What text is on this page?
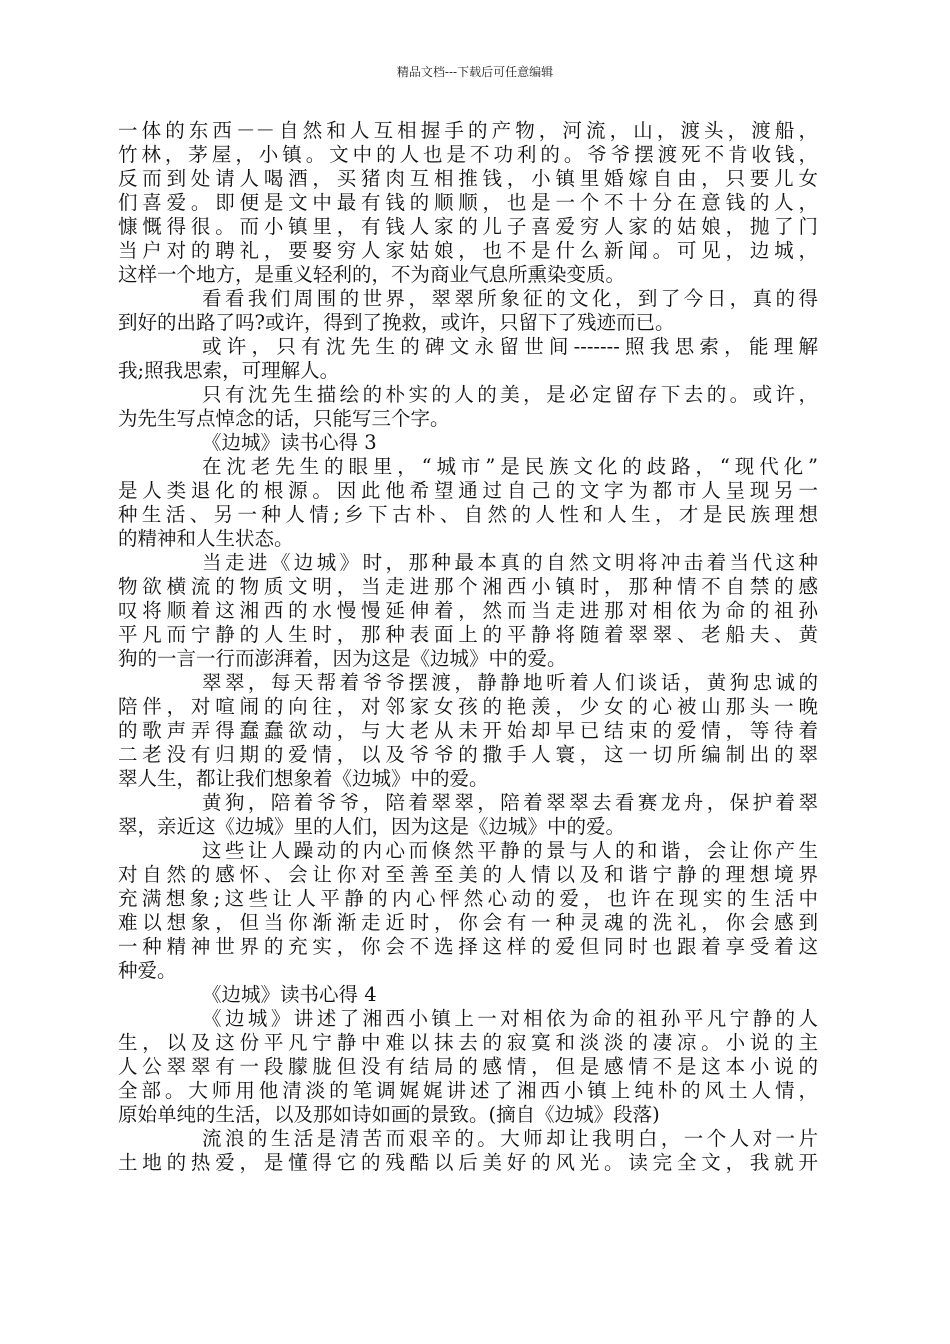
精品文档---下载后可任意编辑
一体的东西－－自然和人互相握手的产物，河流，山，渡头，渡船，
竹林，茅屋，小镇。文中的人也是不功利的。爷爷摆渡死不肯收钱，
反而到处请人喝酒，买猪肉互相推钱，小镇里婚嫁自由，只要儿女
们喜爱。即便是文中最有钱的顺顺，也是一个不十分在意钱的人，
慷慨得很。而小镇里，有钱人家的儿子喜爱穷人家的姑娘，抛了门
当户对的聘礼，要娶穷人家姑娘，也不是什么新闻。可见，边城，
这样一个地方，是重义轻利的，不为商业气息所熏染变质。
看看我们周围的世界，翠翠所象征的文化，到了今日，真的得
到好的出路了吗?或许，得到了挽救，或许，只留下了残迹而已。
或许，只有沈先生的碑文永留世间-------照我思索，能理解
我;照我思索，可理解人。
只有沈先生描绘的朴实的人的美，是必定留存下去的。或许，
为先生写点悼念的话，只能写三个字。
《边城》读书心得 3
在沈老先生的眼里，“城市”是民族文化的歧路，“现代化”
是人类退化的根源。因此他希望通过自己的文字为都市人呈现另一
种生活、另一种人情;乡下古朴、自然的人性和人生，才是民族理想
的精神和人生状态。
当走进《边城》时，那种最本真的自然文明将冲击着当代这种
物欲横流的物质文明，当走进那个湘西小镇时，那种情不自禁的感
叹将顺着这湘西的水慢慢延伸着，然而当走进那对相依为命的祖孙
平凡而宁静的人生时，那种表面上的平静将随着翠翠、老船夫、黄
狗的一言一行而澎湃着，因为这是《边城》中的爱。
翠翠，每天帮着爷爷摆渡，静静地听着人们谈话，黄狗忠诚的
陪伴，对喧闹的向往，对邻家女孩的艳羡，少女的心被山那头一晚
的歌声弄得蠢蠢欲动，与大老从未开始却早已结束的爱情，等待着
二老没有归期的爱情，以及爷爷的撒手人寰，这一切所编制出的翠
翠人生，都让我们想象着《边城》中的爱。
黄狗，陪着爷爷，陪着翠翠，陪着翠翠去看赛龙舟，保护着翠
翠，亲近这《边城》里的人们，因为这是《边城》中的爱。
这些让人躁动的内心而倏然平静的景与人的和谐，会让你产生
对自然的感怀、会让你对至善至美的人情以及和谐宁静的理想境界
充满想象;这些让人平静的内心怦然心动的爱，也许在现实的生活中
难以想象，但当你渐渐走近时，你会有一种灵魂的洗礼，你会感到
一种精神世界的充实，你会不选择这样的爱但同时也跟着享受着这
种爱。
《边城》读书心得 4
《边城》讲述了湘西小镇上一对相依为命的祖孙平凡宁静的人
生，以及这份平凡宁静中难以抹去的寂寞和淡淡的凄凉。小说的主
人公翠翠有一段朦胧但没有结局的感情，但是感情不是这本小说的
全部。大师用他清淡的笔调娓娓讲述了湘西小镇上纯朴的风土人情，
原始单纯的生活，以及那如诗如画的景致。(摘自《边城》段落)
流浪的生活是清苦而艰辛的。大师却让我明白，一个人对一片
土地的热爱，是懂得它的残酷以后美好的风光。读完全文，我就开
